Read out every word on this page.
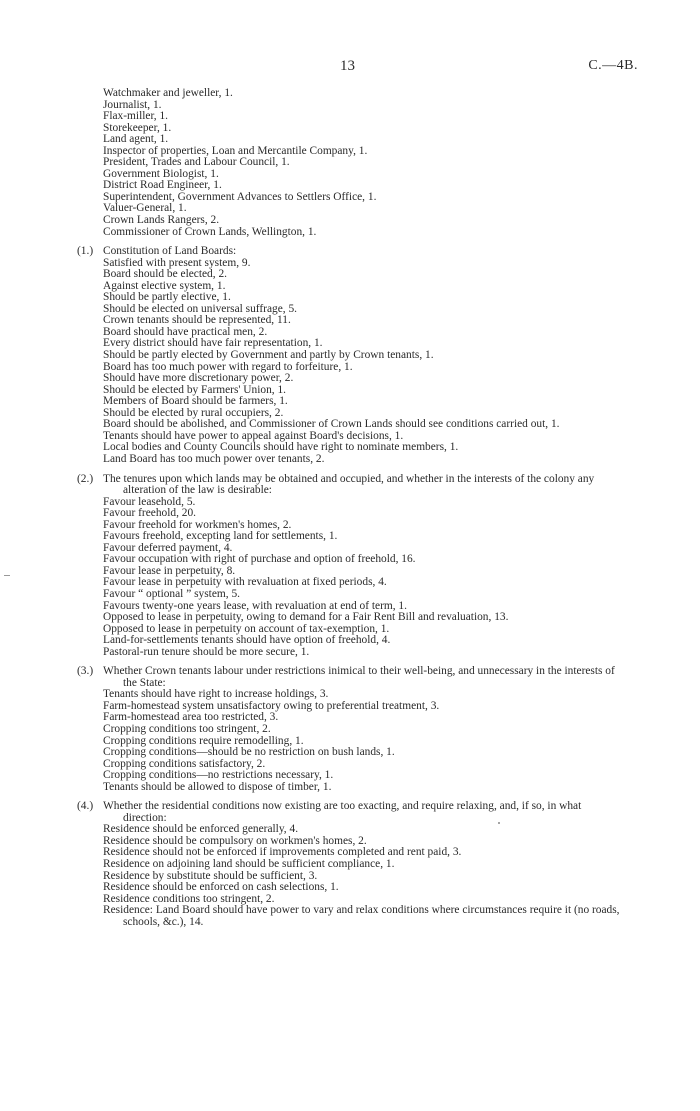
13	C.—4B.
Watchmaker and jeweller, 1.
Journalist, 1.
Flax-miller, 1.
Storekeeper, 1.
Land agent, 1.
Inspector of properties, Loan and Mercantile Company, 1.
President, Trades and Labour Council, 1.
Government Biologist, 1.
District Road Engineer, 1.
Superintendent, Government Advances to Settlers Office, 1.
Valuer-General, 1.
Crown Lands Rangers, 2.
Commissioner of Crown Lands, Wellington, 1.
(1.) Constitution of Land Boards:
Satisfied with present system, 9.
Board should be elected, 2.
Against elective system, 1.
Should be partly elective, 1.
Should be elected on universal suffrage, 5.
Crown tenants should be represented, 11.
Board should have practical men, 2.
Every district should have fair representation, 1.
Should be partly elected by Government and partly by Crown tenants, 1.
Board has too much power with regard to forfeiture, 1.
Should have more discretionary power, 2.
Should be elected by Farmers' Union, 1.
Members of Board should be farmers, 1.
Should be elected by rural occupiers, 2.
Board should be abolished, and Commissioner of Crown Lands should see conditions carried out, 1.
Tenants should have power to appeal against Board's decisions, 1.
Local bodies and County Councils should have right to nominate members, 1.
Land Board has too much power over tenants, 2.
(2.) The tenures upon which lands may be obtained and occupied, and whether in the interests of the colony any alteration of the law is desirable:
Favour leasehold, 5.
Favour freehold, 20.
Favour freehold for workmen's homes, 2.
Favours freehold, excepting land for settlements, 1.
Favour deferred payment, 4.
Favour occupation with right of purchase and option of freehold, 16.
Favour lease in perpetuity, 8.
Favour lease in perpetuity with revaluation at fixed periods, 4.
Favour “ optional ” system, 5.
Favours twenty-one years lease, with revaluation at end of term, 1.
Opposed to lease in perpetuity, owing to demand for a Fair Rent Bill and revaluation, 13.
Opposed to lease in perpetuity on account of tax-exemption, 1.
Land-for-settlements tenants should have option of freehold, 4.
Pastoral-run tenure should be more secure, 1.
(3.) Whether Crown tenants labour under restrictions inimical to their well-being, and unnecessary in the interests of the State:
Tenants should have right to increase holdings, 3.
Farm-homestead system unsatisfactory owing to preferential treatment, 3.
Farm-homestead area too restricted, 3.
Cropping conditions too stringent, 2.
Cropping conditions require remodelling, 1.
Cropping conditions—should be no restriction on bush lands, 1.
Cropping conditions satisfactory, 2.
Cropping conditions—no restrictions necessary, 1.
Tenants should be allowed to dispose of timber, 1.
(4.) Whether the residential conditions now existing are too exacting, and require relaxing, and, if so, in what direction:
Residence should be enforced generally, 4.
Residence should be compulsory on workmen's homes, 2.
Residence should not be enforced if improvements completed and rent paid, 3.
Residence on adjoining land should be sufficient compliance, 1.
Residence by substitute should be sufficient, 3.
Residence should be enforced on cash selections, 1.
Residence conditions too stringent, 2.
Residence: Land Board should have power to vary and relax conditions where circumstances require it (no roads, schools, &c.), 14.
